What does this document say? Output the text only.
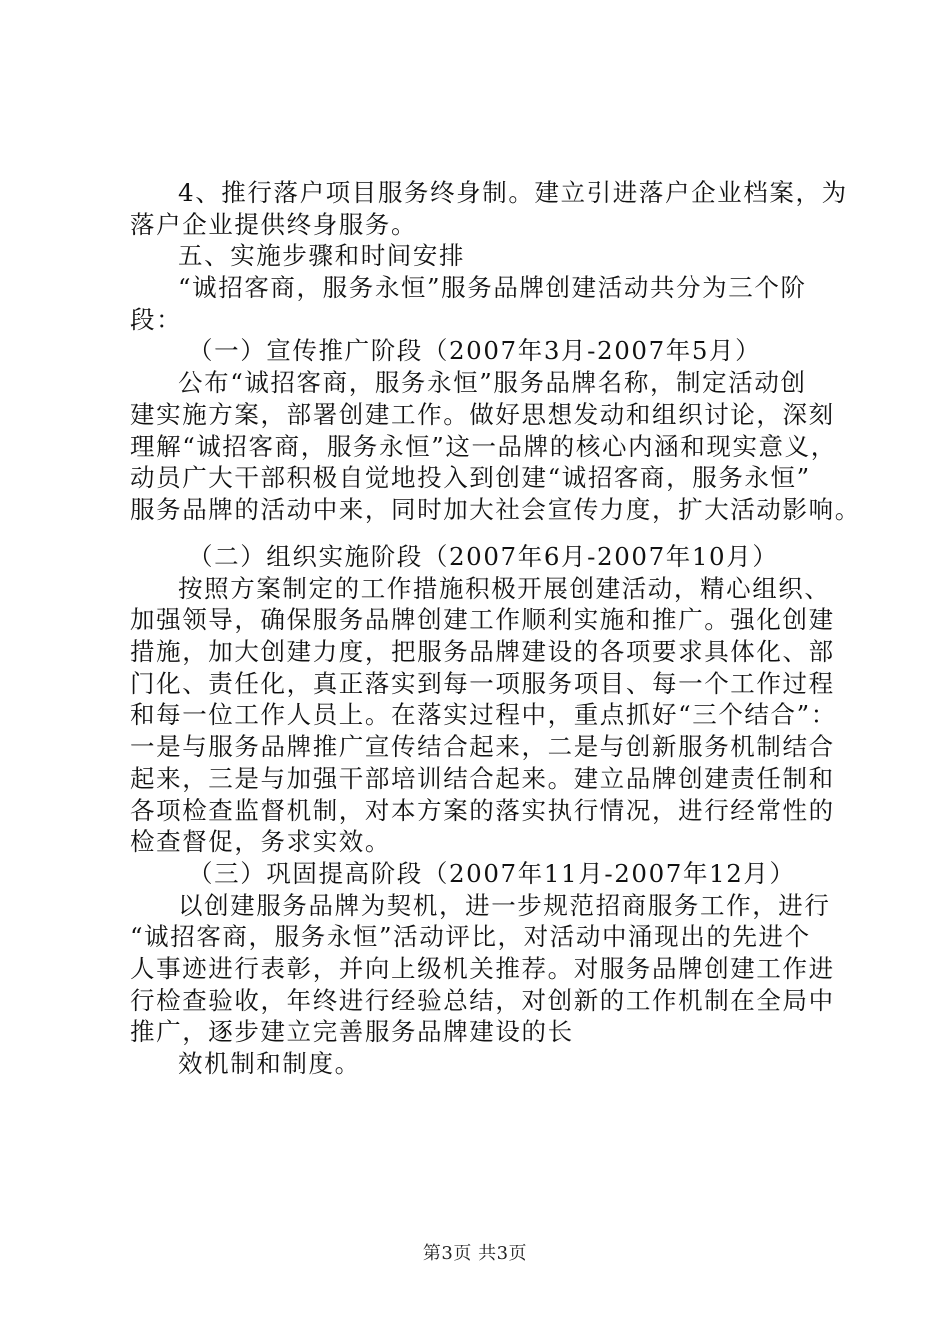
4、推行落户项目服务终身制。建立引进落户企业档案，为
落户企业提供终身服务。
五、实施步骤和时间安排
“诚招客商，服务永恒”服务品牌创建活动共分为三个阶
段：
（一）宣传推广阶段（2007年3月-2007年5月）
公布“诚招客商，服务永恒”服务品牌名称，制定活动创
建实施方案，部署创建工作。做好思想发动和组织讨论，深刻
理解“诚招客商，服务永恒”这一品牌的核心内涵和现实意义，
动员广大干部积极自觉地投入到创建“诚招客商，服务永恒”
服务品牌的活动中来，同时加大社会宣传力度，扩大活动影响。
（二）组织实施阶段（2007年6月-2007年10月）
按照方案制定的工作措施积极开展创建活动，精心组织、
加强领导，确保服务品牌创建工作顺利实施和推广。强化创建
措施，加大创建力度，把服务品牌建设的各项要求具体化、部
门化、责任化，真正落实到每一项服务项目、每一个工作过程
和每一位工作人员上。在落实过程中，重点抓好“三个结合”：
一是与服务品牌推广宣传结合起来，二是与创新服务机制结合
起来，三是与加强干部培训结合起来。建立品牌创建责任制和
各项检查监督机制，对本方案的落实执行情况，进行经常性的
检查督促，务求实效。
（三）巩固提高阶段（2007年11月-2007年12月）
以创建服务品牌为契机，进一步规范招商服务工作，进行
“诚招客商，服务永恒”活动评比，对活动中涌现出的先进个
人事迹进行表彰，并向上级机关推荐。对服务品牌创建工作进
行检查验收，年终进行经验总结，对创新的工作机制在全局中
推广，逐步建立完善服务品牌建设的长
效机制和制度。
第3页 共3页
